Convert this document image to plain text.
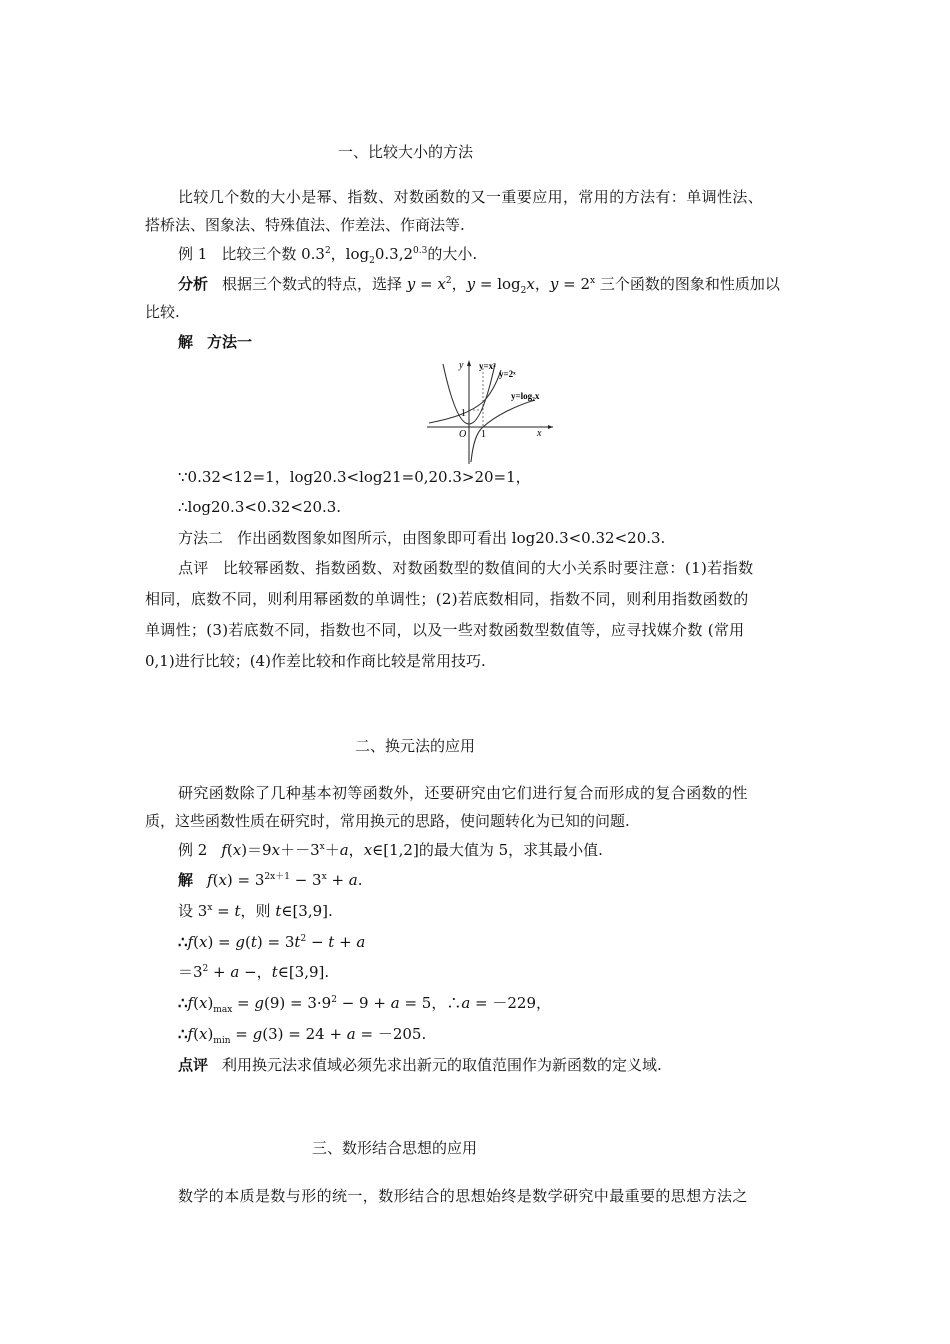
一、比较大小的方法
比较几个数的大小是幂、指数、对数函数的又一重要应用，常用的方法有：单调性法、
搭桥法、图象法、特殊值法、作差法、作商法等.
例 1 比较三个数 $0.3^2$，$\log_20.3,2^{0.3}$的大小.
分析 根据三个数式的特点，选择 $y = x^2$，$y = \log_2x$，$y = 2^x$ 三个函数的图象和性质加以
比较.
解 方法一
y
x
O 1
1
y=x²
y=2ˣ
y=log₂x
∵0.32<12=1，log20.3<log21=0,20.3>20=1，
∴log20.3<0.32<20.3.
方法二 作出函数图象如图所示，由图象即可看出 log20.3<0.32<20.3.
点评 比较幂函数、指数函数、对数函数型的数值间的大小关系时要注意：(1)若指数
相同，底数不同，则利用幂函数的单调性；(2)若底数相同，指数不同，则利用指数函数的
单调性；(3)若底数不同，指数也不同，以及一些对数函数型数值等，应寻找媒介数 (常用
0,1)进行比较；(4)作差比较和作商比较是常用技巧.
二、换元法的应用
研究函数除了几种基本初等函数外，还要研究由它们进行复合而形成的复合函数的性
质，这些函数性质在研究时，常用换元的思路，使问题转化为已知的问题.
例 2 $f(x)=9x+-3^x+a$，x∈[1,2]的最大值为 5，求其最小值.
解 $f(x) = 3^{2x+1} - 3^x + a$.
设 $3^x = t$，则 t∈[3,9].
∴f(x) = $g(t) = 3t^2 - t + a$
$=3^2 + a$ −，t∈[3,9].
$\therefore f(x)_{max} = g(9) = 3\cdot 9^2 - 9 + a = 5$，∴a = －229，
$\therefore f(x)_{min} = g(3) = 24 + a = -205$.
点评 利用换元法求值域必须先求出新元的取值范围作为新函数的定义域.
三、数形结合思想的应用
数学的本质是数与形的统一，数形结合的思想始终是数学研究中最重要的思想方法之
